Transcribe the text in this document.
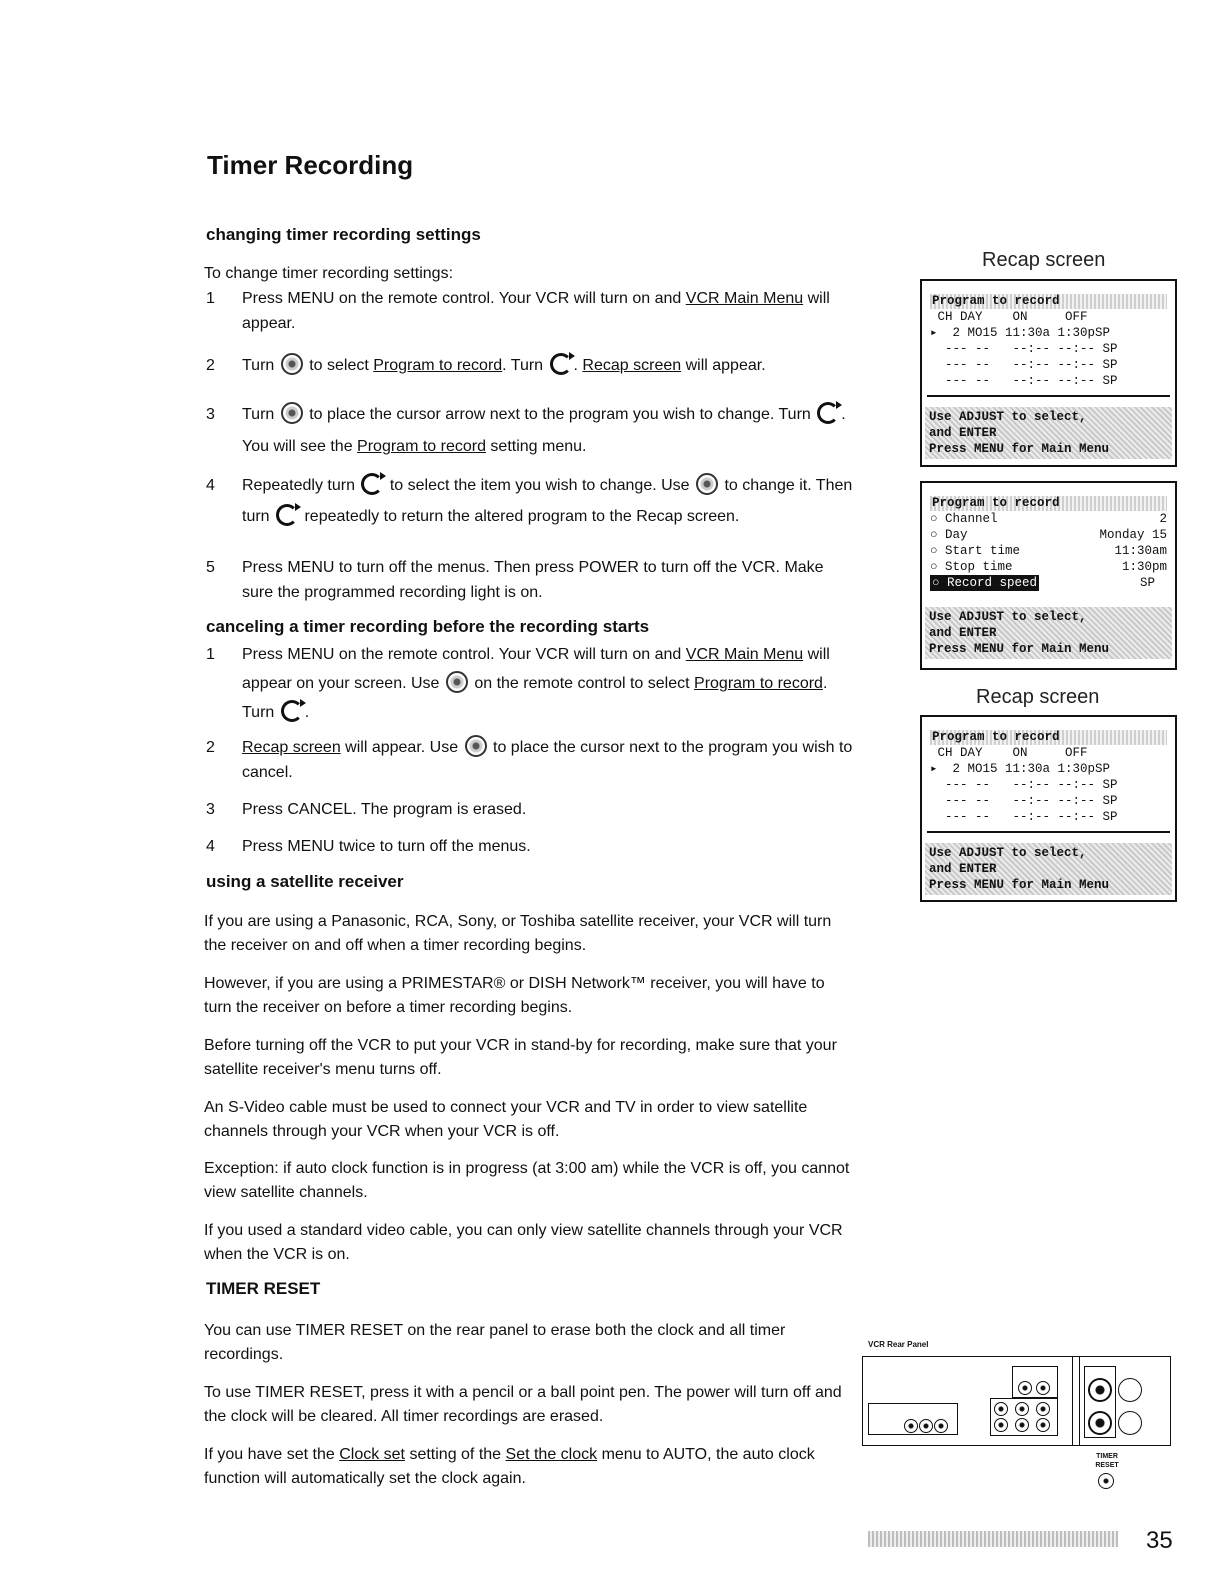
Timer Recording
changing timer recording settings
To change timer recording settings:
1	Press MENU on the remote control. Your VCR will turn on and VCR Main Menu will appear.
2	Turn  to select Program to record. Turn . Recap screen will appear.
3	Turn  to place the cursor arrow next to the program you wish to change. Turn . You will see the Program to record setting menu.
4	Repeatedly turn  to select the item you wish to change. Use  to change it. Then turn  repeatedly to return the altered program to the Recap screen.
5	Press MENU to turn off the menus. Then press POWER to turn off the VCR. Make sure the programmed recording light is on.
canceling a timer recording before the recording starts
1	Press MENU on the remote control. Your VCR will turn on and VCR Main Menu will appear on your screen. Use  on the remote control to select Program to record. Turn .
2	Recap screen will appear. Use  to place the cursor next to the program you wish to cancel.
3	Press CANCEL. The program is erased.
4	Press MENU twice to turn off the menus.
using a satellite receiver
If you are using a Panasonic, RCA, Sony, or Toshiba satellite receiver, your VCR will turn the receiver on and off when a timer recording begins.
However, if you are using a PRIMESTAR® or DISH Network™ receiver, you will have to turn the receiver on before a timer recording begins.
Before turning off the VCR to put your VCR in stand-by for recording, make sure that your satellite receiver's menu turns off.
An S-Video cable must be used to connect your VCR and TV in order to view satellite channels through your VCR when your VCR is off.
Exception: if auto clock function is in progress (at 3:00 am) while the VCR is off, you cannot view satellite channels.
If you used a standard video cable, you can only view satellite channels through your VCR when the VCR is on.
TIMER RESET
You can use TIMER RESET on the rear panel to erase both the clock and all timer recordings.
To use TIMER RESET, press it with a pencil or a ball point pen. The power will turn off and the clock will be cleared. All timer recordings are erased.
If you have set the Clock set setting of the Set the clock menu to AUTO, the auto clock function will automatically set the clock again.
Recap screen
Program to record
CH DAY    ON     OFF
▸  2 MO15 11:30a 1:30pSP
--- --   --:-- --:-- SP
--- --   --:-- --:-- SP
--- --   --:-- --:-- SP
Use ADJUST to select,
and ENTER
Press MENU for Main Menu
Program to record
○ Channel	2
○ Day	Monday 15
○ Start time	11:30am
○ Stop time	1:30pm
○ Record speed	SP
Use ADJUST to select,
and ENTER
Press MENU for Main Menu
Recap screen
Program to record
CH DAY    ON     OFF
▸  2 MO15 11:30a 1:30pSP
--- --   --:-- --:-- SP
--- --   --:-- --:-- SP
--- --   --:-- --:-- SP
Use ADJUST to select,
and ENTER
Press MENU for Main Menu
VCR Rear Panel
TIMER RESET
35
